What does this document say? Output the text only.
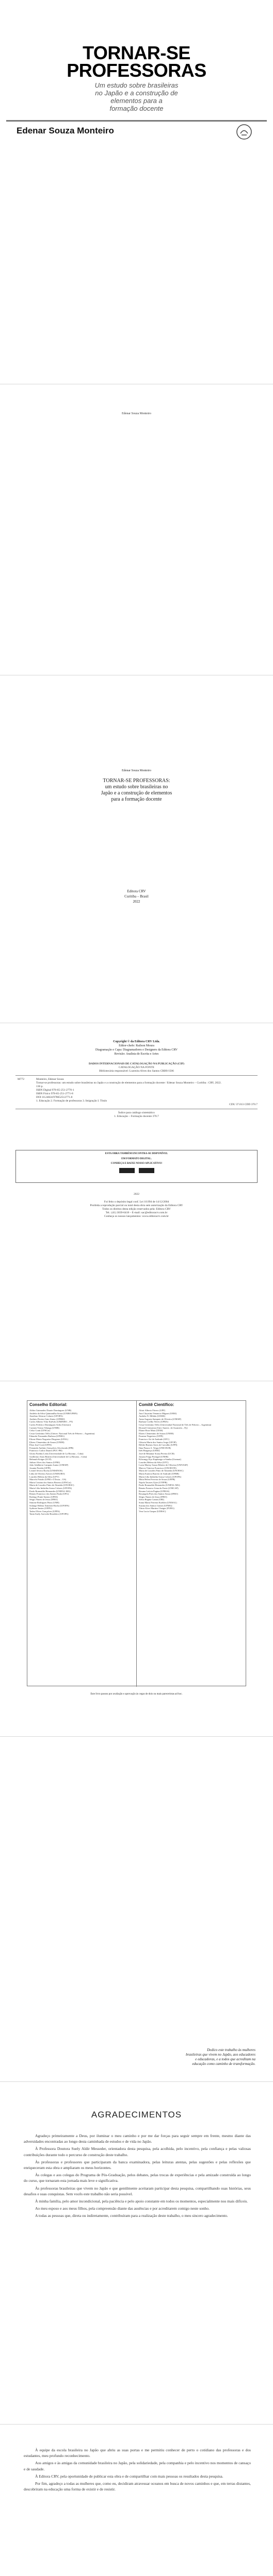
TORNAR-SE
PROFESSORAS
Um estudo sobre brasileiras
no Japão e a construção de
elementos para a
formação docente
Edenar Souza Monteiro
Edenar Souza Monteiro
Edenar Souza Monteiro
TORNAR-SE PROFESSORAS:
um estudo sobre brasileiras no
Japão e a construção de elementos
para a formação docente
Editora CRV
Curitiba – Brasil
2022
Copyright © da Editora CRV Ltda.
Editor-chefe: Railson Moura
Diagramação e Capa: Diagramadores e Designers da Editora CRV
Revisão: Analista de Escrita e Artes
DADOS INTERNACIONAIS DE CATALOGAÇÃO NA PUBLICAÇÃO (CIP)
CATALOGAÇÃO NA FONTE
Bibliotecária responsável: Luzenira Alves dos Santos CRB9/1506
M772	Monteiro, Edenar Souza
Tornar-se professoras: um estudo sobre brasileiras no Japão e a construção de elementos para a formação docente / Edenar Souza Monteiro – Curitiba : CRV, 2022.
136 p.
ISBN Digital 978-65-251-2770-1
ISBN Físico 978-65-251-2771-8
DOI 10.24824/978652512771.8
1. Educação 2. Formação de professoras 3. Imigração I. Título
CDU 37.013 CDD 370.7
Índice para catálogo sistemático
1. Educação – Formação docente 370.7
ESTA OBRA TAMBÉM ENCONTRA-SE DISPONÍVEL
EM FORMATO DIGITAL.
CONHEÇA E BAIXE NOSSO APLICATIVO!
2022
Foi feito o depósito legal conf. Lei 10.994 de 14/12/2004
Proibida a reprodução parcial ou total desta obra sem autorização da Editora CRV
Todos os direitos desta edição reservados pela: Editora CRV
Tel.: (41) 3039-6418 – E-mail: sac@editoracrv.com.br
Conheça os nossos lançamentos: www.editoracrv.com.br
Conselho Editorial:
Aldira Guimarães Duarte Domínguez (UNB)
Andréia da Silva Quintanilha Sousa (UNIR/UFRN)
Anselmo Alencar Colares (UFOPA)
Antônio Pereira Gaio Júnior (UFRRJ)
Carlos Alberto Vilar Estêvão (UMINHO – PT)
Carlos Federico Dominguez Avila (Unieuro)
Carmen Tereza Velanga (UNIR)
Celso Conti (UFSCar)
Cesar Gerónimo Tello (Univer. Nacional Três de Febrero – Argentina)
Eduardo Fernandes Barbosa (UFMG)
Elione Maria Nogueira Diogenes (UFAL)
Elizeu Clementino de Souza (UNEB)
Élsio José Corá (UFFS)
Fernando Antônio Gonçalves Alcoforado (IPB)
Francisco Carlos Duarte (PUC-PR)
Gloria Fariñas León (Universidade de La Havana – Cuba)
Guillermo Arias Beatón (Universidade de La Havana – Cuba)
Helmuth Krüger (UCP)
Jailson Alves dos Santos (UFRJ)
João Adalberto Campato Junior (UNESP)
Josania Portela (UFPI)
Leonel Severo Rocha (UNISINOS)
Lídia de Oliveira Xavier (UNIEURO)
Lourdes Helena da Silva (UFV)
Marcelo Paixão (UFRJ e UTexas – US)
Maria Cristina dos Santos Bezerra (UFSCar)
Maria de Lourdes Pinto de Almeida (UNOESC)
Maria Lília Imbiriba Sousa Colares (UFOPA)
Paulo Romualdo Hernandes (UNIFAL-MG)
Renato Francisco dos Santos Paula (UFG)
Rodrigo Pratte-Santos (UFES)
Sérgio Nunes de Jesus (IFRO)
Simone Rodrigues Pinto (UNB)
Solange Helena Ximenes-Rocha (UFOPA)
Sydione Santos (UEPG)
Tadeu Oliver Gonçalves (UFPA)
Tania Suely Azevedo Brasileiro (UFOPA)
Comitê Científico:
Altair Alberto Fávero (UPF)
Ana Chrystina Venancio Mignot (UERJ)
Andréia N. Militão (UEMS)
Anna Augusta Sampaio de Oliveira (UNESP)
Barbara Coelho Neves (UFBA)
Cesar Gerónimo Tello (Universidad Nacional de Três de Febrero – Argentina)
Diosnel Centurion (Univ Americ. de Asunción – Py)
Eliane Rose Maio (UEM)
Elizeu Clementino de Souza (UNEB)
Fauston Negreiros (UFPI)
Francisco Ari de Andrade (UFC)
Gláucia Maria dos Santos Jorge (UFOP)
Helder Buenos Aires de Carvalho (UFPI)
Ilma Passos A. Veiga (UNICEUB)
Inês Bragança (UERJ)
José de Ribamar Sousa Pereira (UCB)
Jussara Fraga Portugal (UNEB)
Kilwangy Kya Kapitango-a-Samba (Unemat)
Lourdes Helena da Silva (UFV)
Lucia Marisy Souza Ribeiro de Oliveira (UNIVASF)
Marcos Vinicius Francisco (UNOESTE)
Maria de Lourdes Pinto de Almeida (UNOESC)
Maria Eurácia Barreto de Andrade (UFRB)
Maria Lília Imbiriba Sousa Colares (UFOPA)
Míria Helen Ferreira de Souza (UFPB)
Najela Tavares Ujiie (UTFPR)
Paulo Romualdo Hernandes (UNIFAL-MG)
Renata Fonseca Lima da Fonte (UNICAP)
Rosana Letícia Pugina (UFRGS)
Rosangela Pires dos Santos Souza (IFRO)
Sérgio Nunes de Jesus (IFRO)
Silvia Regina Canan (URI)
Sonia Maria Ferreira Koehler (UNISAL)
Suzana dos Santos Gomes (UFMG)
Vânia Alves Martins Chaigar (FURG)
Vera Lucia Gaspar (UDESC)
Este livro passou por avaliação e aprovação às cegas de dois ou mais pareceristas ad hoc.
Dedico este trabalho às mulheres
brasileiras que vivem no Japão, aos educadores
e educadoras, e a todos que acreditam na
educação como caminho de transformação.
AGRADECIMENTOS

Agradeço primeiramente a Deus, por iluminar o meu caminho e por me dar forças para seguir sempre em frente, mesmo diante das adversidades encontradas ao longo desta caminhada de estudos e de vida no Japão.

À Professora Doutora Suely Aldir Messeder, orientadora desta pesquisa, pela acolhida, pelo incentivo, pela confiança e pelas valiosas contribuições durante todo o percurso de construção deste trabalho.

Às professoras e professores que participaram da banca examinadora, pelas leituras atentas, pelas sugestões e pelas reflexões que enriqueceram esta obra e ampliaram os meus horizontes.

Às colegas e aos colegas do Programa de Pós-Graduação, pelos debates, pelas trocas de experiências e pela amizade construída ao longo do curso, que tornaram esta jornada mais leve e significativa.

Às professoras brasileiras que vivem no Japão e que gentilmente aceitaram participar desta pesquisa, compartilhando suas histórias, seus desafios e suas conquistas. Sem vocês este trabalho não seria possível.

À minha família, pelo amor incondicional, pela paciência e pelo apoio constante em todos os momentos, especialmente nos mais difíceis.

Ao meu esposo e aos meus filhos, pela compreensão diante das ausências e por acreditarem comigo neste sonho.

A todas as pessoas que, direta ou indiretamente, contribuíram para a realização deste trabalho, o meu sincero agradecimento.

À equipe da escola brasileira no Japão que abriu as suas portas e me permitiu conhecer de perto o cotidiano das professoras e dos estudantes, meu profundo reconhecimento.

Aos amigos e às amigas da comunidade brasileira no Japão, pela solidariedade, pela companhia e pelo incentivo nos momentos de cansaço e de saudade.

À Editora CRV, pela oportunidade de publicar esta obra e de compartilhar com mais pessoas os resultados desta pesquisa.

Por fim, agradeço a todas as mulheres que, como eu, decidiram atravessar oceanos em busca de novos caminhos e que, em terras distantes, descobriram na educação uma forma de existir e de resistir.
